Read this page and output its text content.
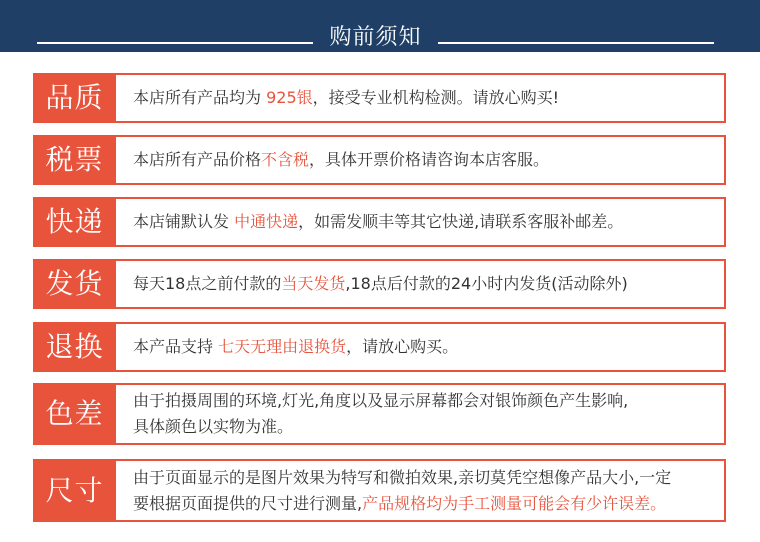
购前须知
品质	本店所有产品均为 925银，接受专业机构检测。请放心购买!
税票	本店所有产品价格不含税，具体开票价格请咨询本店客服。
快递	本店铺默认发 中通快递，如需发顺丰等其它快递,请联系客服补邮差。
发货	每天18点之前付款的当天发货,18点后付款的24小时内发货(活动除外)
退换	本产品支持 七天无理由退换货，请放心购买。
色差	由于拍摄周围的环境,灯光,角度以及显示屏幕都会对银饰颜色产生影响,
具体颜色以实物为准。
尺寸	由于页面显示的是图片效果为特写和微拍效果,亲切莫凭空想像产品大小,一定
要根据页面提供的尺寸进行测量,产品规格均为手工测量可能会有少许误差。
